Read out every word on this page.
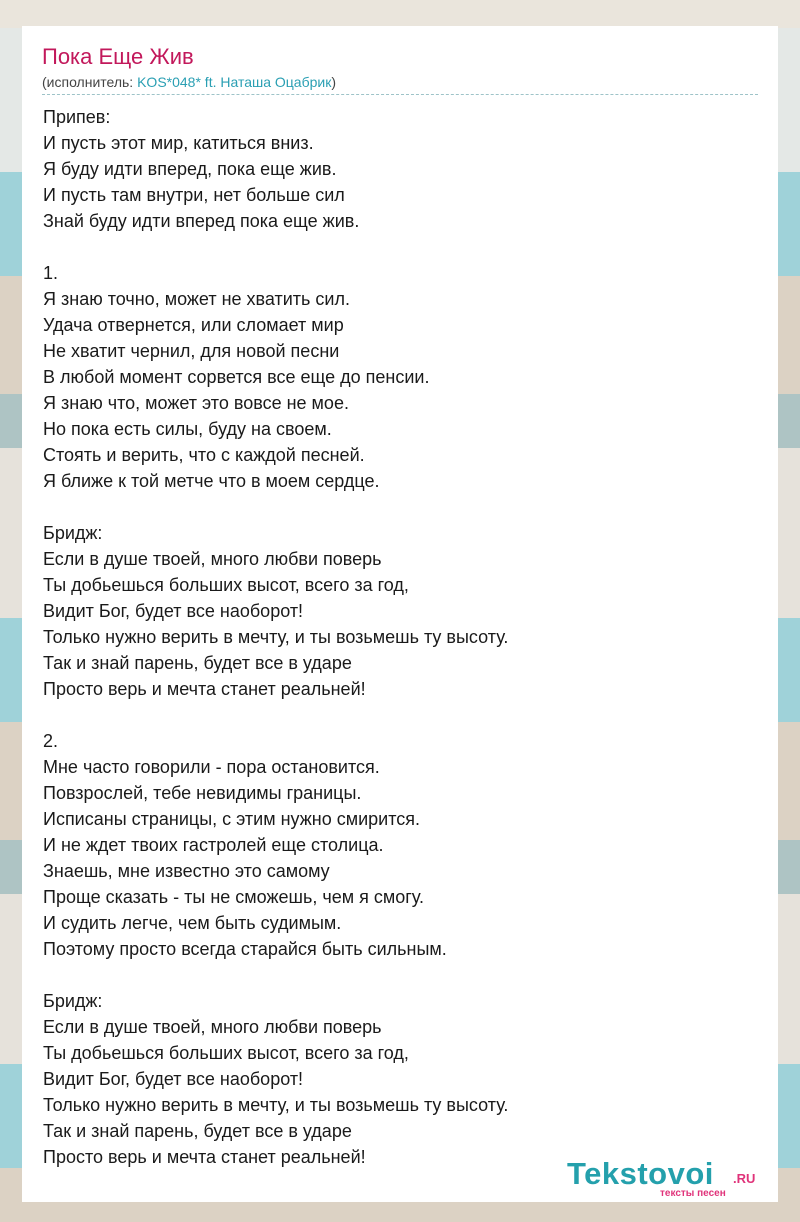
Пока Еще Жив
(исполнитель: KOS*048* ft. Наташа Оцабрик)
Припев:
И пусть этот мир, катиться вниз.
Я буду идти вперед, пока еще жив.
И пусть там внутри, нет больше сил
Знай буду идти вперед пока еще жив.
1.
Я знаю точно, может не хватить сил.
Удача отвернется, или сломает мир
Не хватит чернил, для новой песни
В любой момент сорвется все еще до пенсии.
Я знаю что, может это вовсе не мое.
Но пока есть силы, буду на своем.
Стоять и верить, что с каждой песней.
Я ближе к той метче что в моем сердце.
Бридж:
Если в душе твоей, много любви поверь
Ты добьешься больших высот, всего за год,
Видит Бог, будет все наоборот!
Только нужно верить в мечту, и ты возьмешь ту высоту.
Так и знай парень, будет все в ударе
Просто верь и мечта станет реальней!
2.
Мне часто говорили - пора остановится.
Повзрослей, тебе невидимы границы.
Исписаны страницы, с этим нужно смирится.
И не ждет твоих гастролей еще столица.
Знаешь, мне известно это самому
Проще сказать - ты не сможешь, чем я смогу.
И судить легче, чем быть судимым.
Поэтому просто всегда старайся быть сильным.
Бридж:
Если в душе твоей, много любви поверь
Ты добьешься больших высот, всего за год,
Видит Бог, будет все наоборот!
Только нужно верить в мечту, и ты возьмешь ту высоту.
Так и знай парень, будет все в ударе
Просто верь и мечта станет реальней!	Tekstovoi .RU
тексты песен
